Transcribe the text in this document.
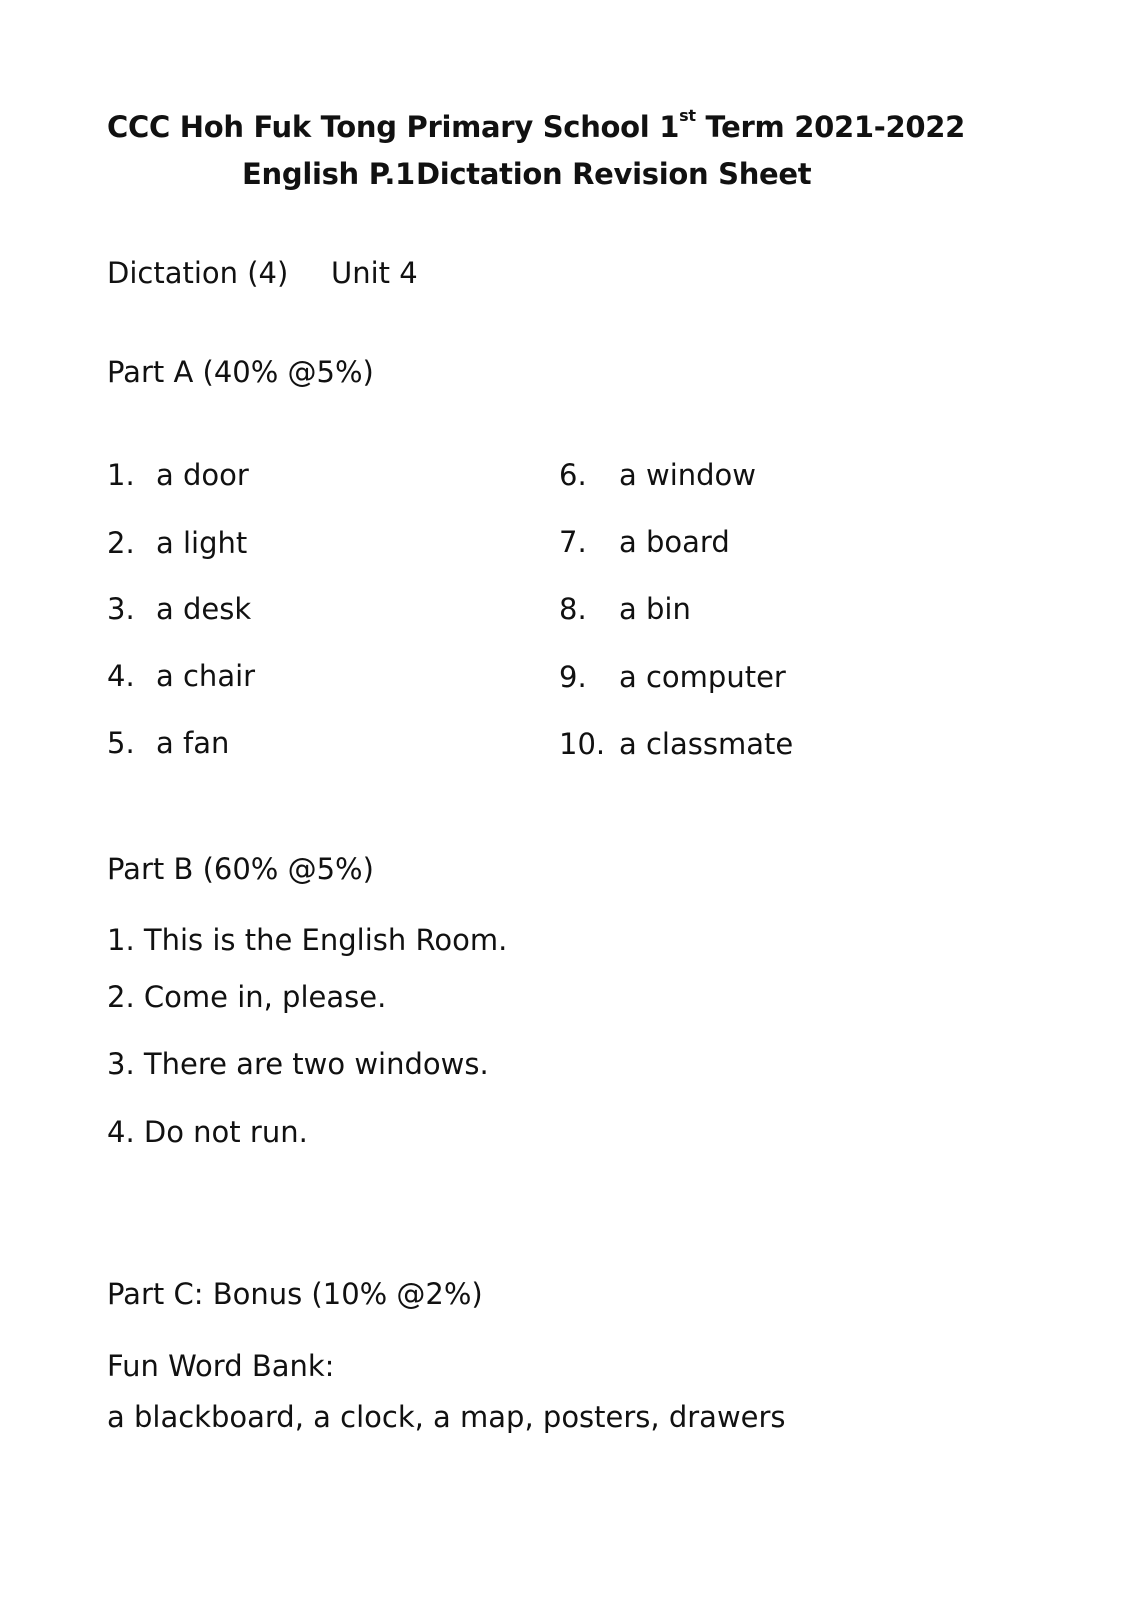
CCC Hoh Fuk Tong Primary School 1st Term 2021-2022
English P.1 Dictation Revision Sheet
Dictation (4) Unit 4
Part A (40% @5%)
1. a door
2. a light
3. a desk
4. a chair
5. a fan
6. a window
7. a board
8. a bin
9. a computer
10. a classmate
Part B (60% @5%)
1. This is the English Room.
2. Come in, please.
3. There are two windows.
4. Do not run.
Part C: Bonus (10% @2%)
Fun Word Bank:
a blackboard, a clock, a map, posters, drawers
